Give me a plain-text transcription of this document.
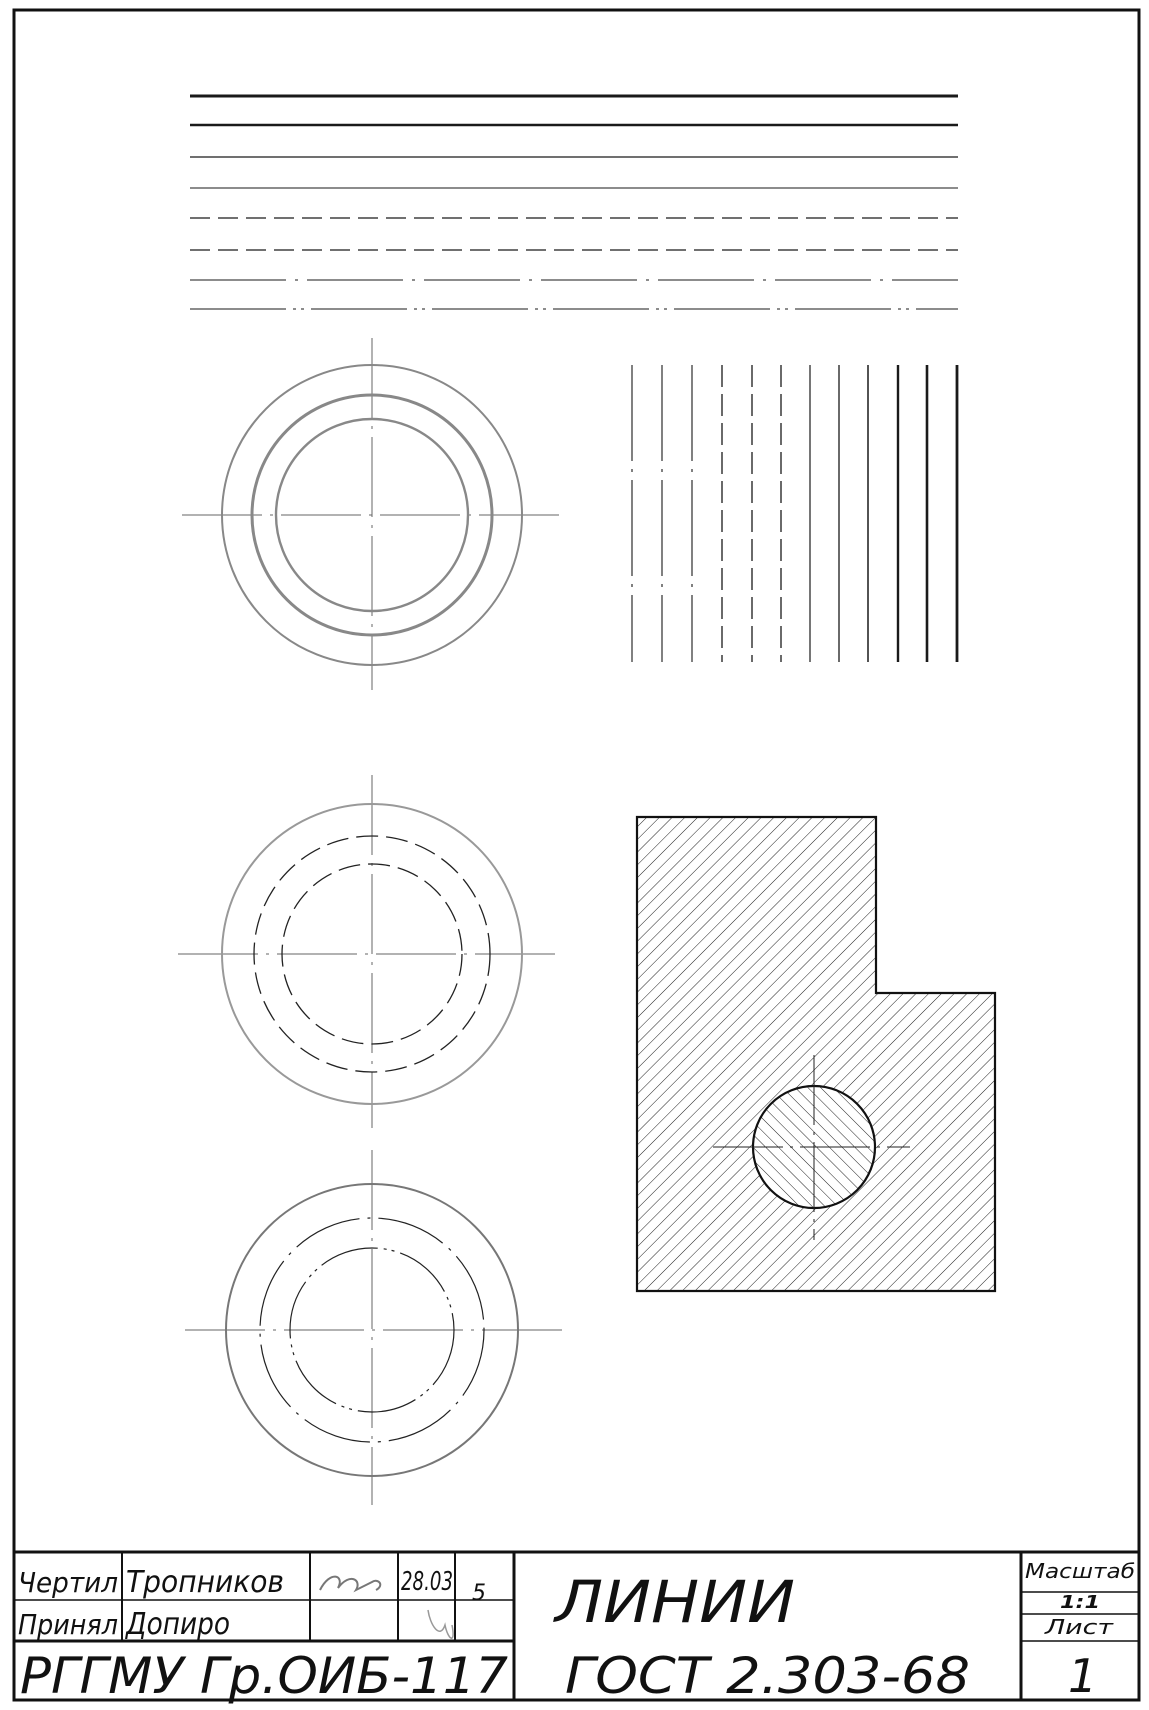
Чертил Тропников	28.03
Принял Допиро
5 ЛИНИИ
ГОСТ 2.303-68
РГГМУ Гр.ОИБ-117
Масштаб
1:1
Лист
1
